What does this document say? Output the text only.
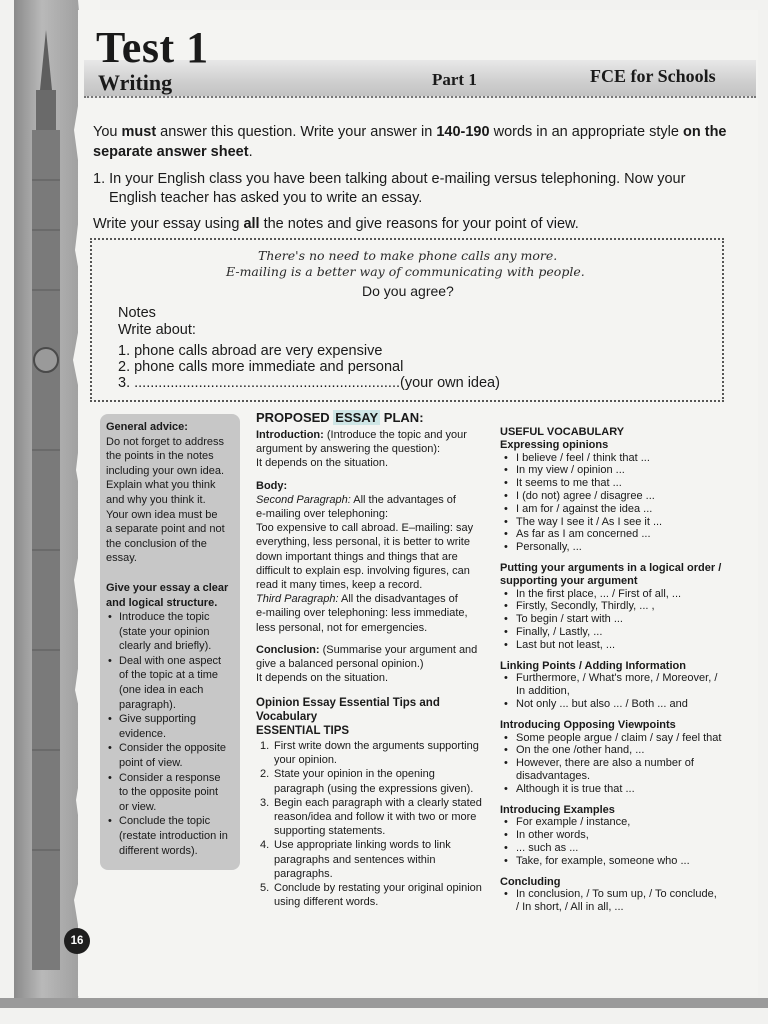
Test 1
Writing	Part 1	FCE for Schools
You must answer this question. Write your answer in 140-190 words in an appropriate style on the separate answer sheet.
1. In your English class you have been talking about e-mailing versus telephoning. Now your
English teacher has asked you to write an essay.
Write your essay using all the notes and give reasons for your point of view.
There's no need to make phone calls any more.
E-mailing is a better way of communicating with people.
Do you agree?
Notes
Write about:
1. phone calls abroad are very expensive
2. phone calls more immediate and personal
3. ..................................................................(your own idea)
General advice:
Do not forget to address
the points in the notes
including your own idea.
Explain what you think
and why you think it.
Your own idea must be
a separate point and not
the conclusion of the
essay.
Give your essay a clear
and logical structure.
• Introduce the topic
(state your opinion
clearly and briefly).
• Deal with one aspect
of the topic at a time
(one idea in each
paragraph).
• Give supporting
evidence.
• Consider the opposite
point of view.
• Consider a response
to the opposite point
or view.
• Conclude the topic
(restate introduction in
different words).
PROPOSED ESSAY PLAN:
Introduction: (Introduce the topic and your
argument by answering the question):
It depends on the situation.
Body:
Second Paragraph: All the advantages of
e-mailing over telephoning:
Too expensive to call abroad. E–mailing: say
everything, less personal, it is better to write
down important things and things that are
difficult to explain esp. involving figures, can
read it many times, keep a record.
Third Paragraph: All the disadvantages of
e-mailing over telephoning: less immediate,
less personal, not for emergencies.
Conclusion: (Summarise your argument and
give a balanced personal opinion.)
It depends on the situation.
Opinion Essay Essential Tips and
Vocabulary
ESSENTIAL TIPS
1. First write down the arguments supporting
your opinion.
2. State your opinion in the opening
paragraph (using the expressions given).
3. Begin each paragraph with a clearly stated
reason/idea and follow it with two or more
supporting statements.
4. Use appropriate linking words to link
paragraphs and sentences within
paragraphs.
5. Conclude by restating your original opinion
using different words.
USEFUL VOCABULARY
Expressing opinions
• I believe / feel / think that ...
• In my view / opinion ...
• It seems to me that ...
• I (do not) agree / disagree ...
• I am for / against the idea ...
• The way I see it / As I see it ...
• As far as I am concerned ...
• Personally, ...
Putting your arguments in a logical order /
supporting your argument
• In the first place, ... / First of all, ...
• Firstly, Secondly, Thirdly, ... ,
• To begin / start with ...
• Finally, / Lastly, ...
• Last but not least, ...
Linking Points / Adding Information
• Furthermore, / What's more, / Moreover, /
In addition,
• Not only ... but also ... / Both ... and
Introducing Opposing Viewpoints
• Some people argue / claim / say / feel that
• On the one /other hand, ...
• However, there are also a number of
disadvantages.
• Although it is true that ...
Introducing Examples
• For example / instance,
• In other words,
• ... such as ...
• Take, for example, someone who ...
Concluding
• In conclusion, / To sum up, / To conclude,
/ In short, / All in all, ...
16
